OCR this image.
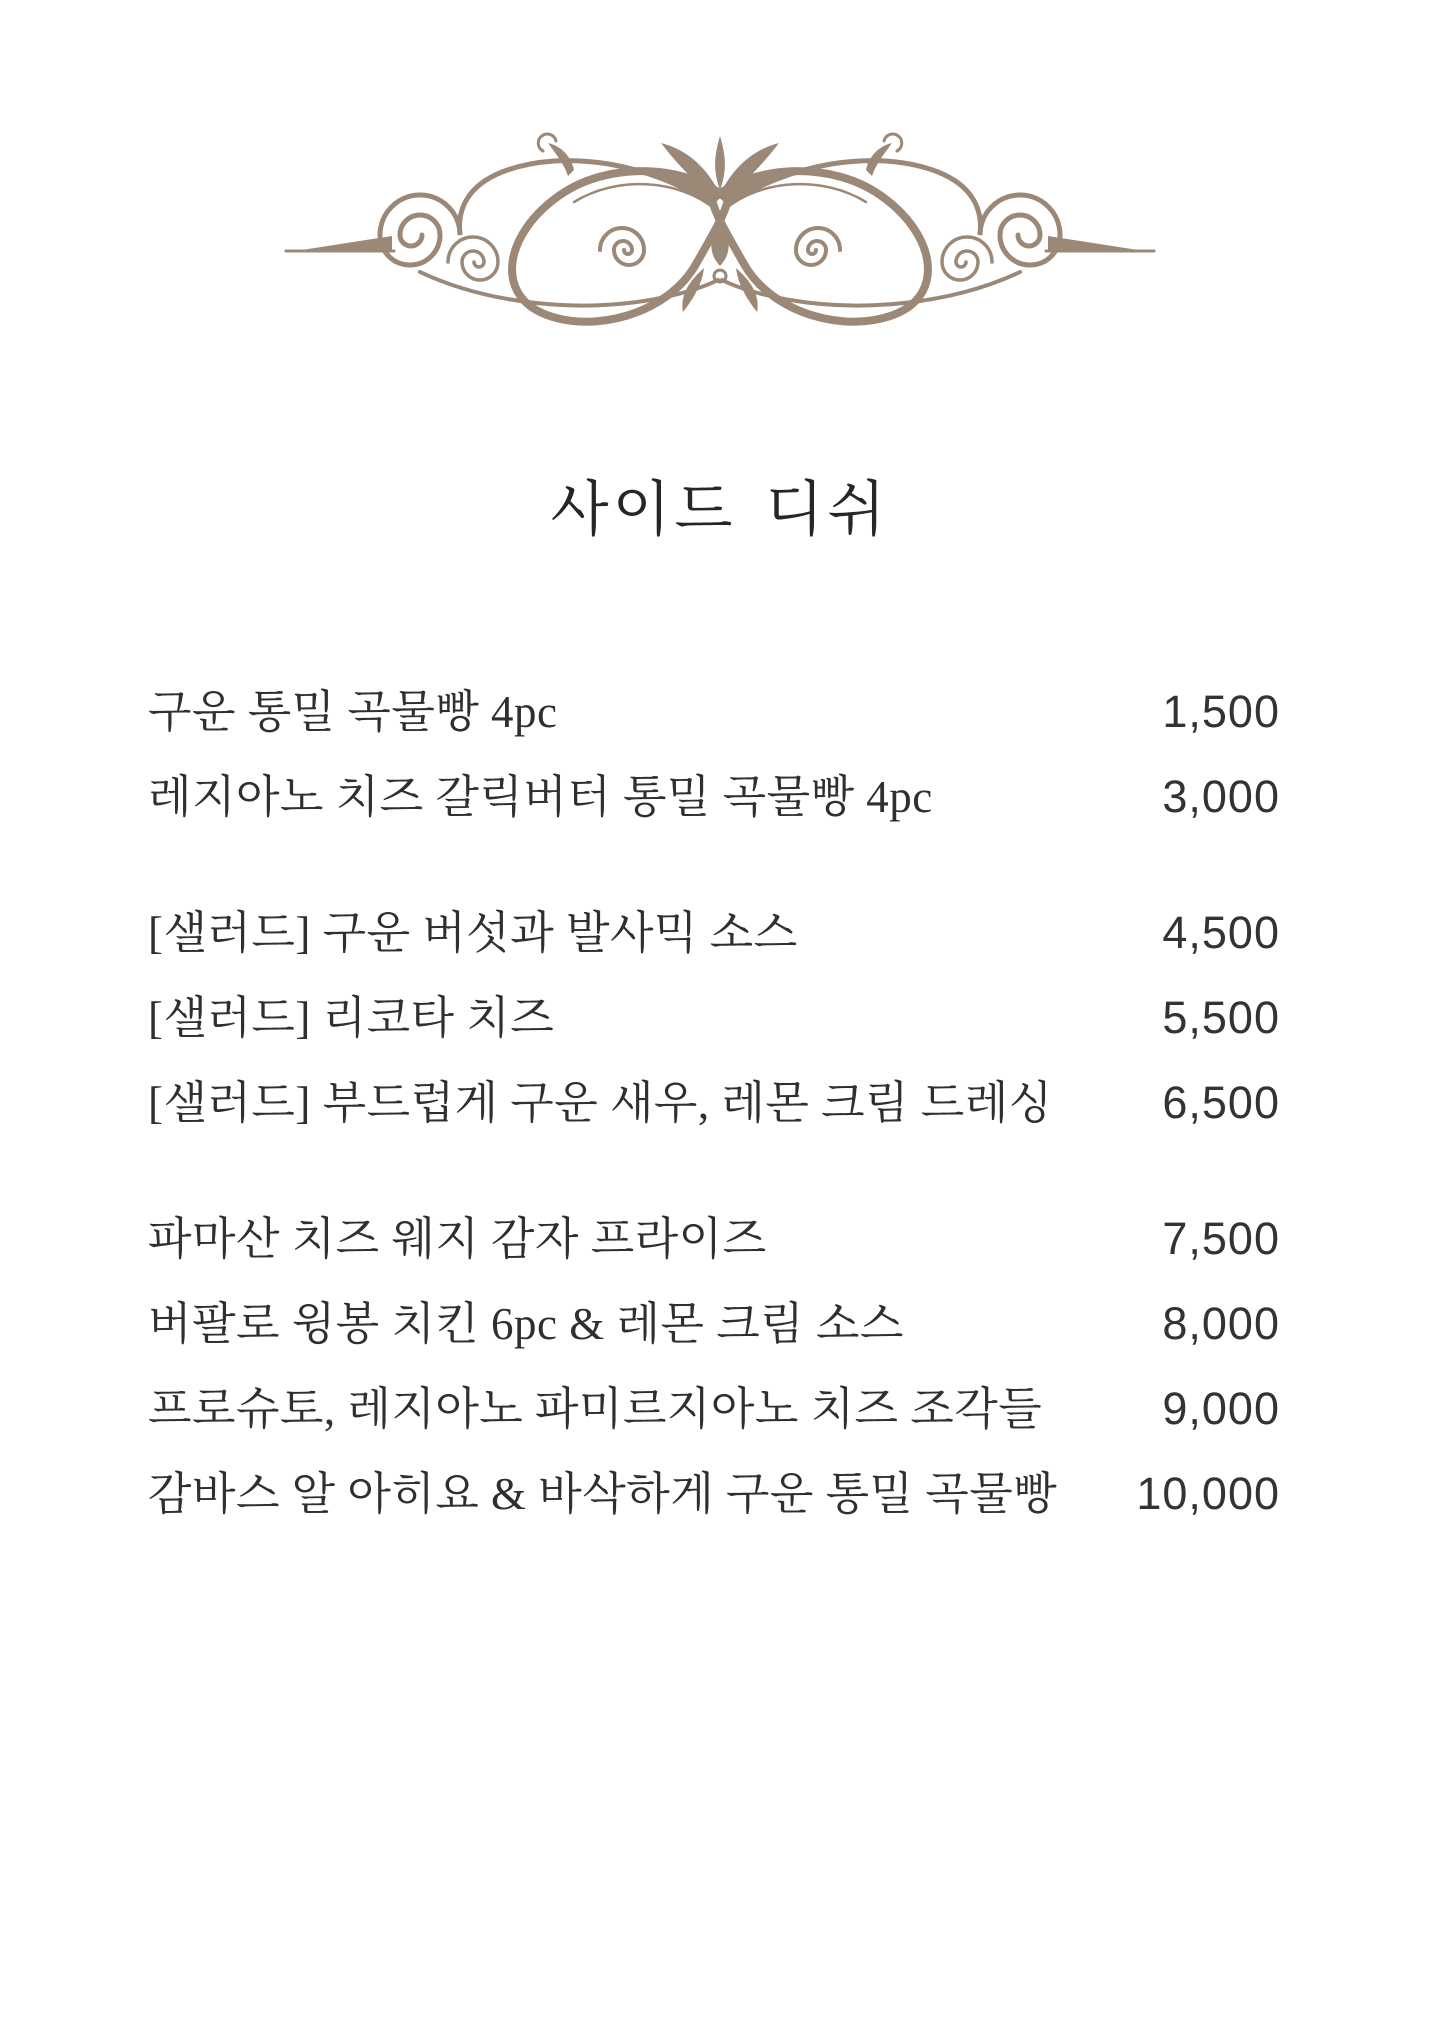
사이드 디쉬
구운 통밀 곡물빵 4pc	1,500
레지아노 치즈 갈릭버터 통밀 곡물빵 4pc	3,000
[샐러드] 구운 버섯과 발사믹 소스	4,500
[샐러드] 리코타 치즈	5,500
[샐러드] 부드럽게 구운 새우, 레몬 크림 드레싱 6,500
파마산 치즈 웨지 감자 프라이즈	7,500
버팔로 윙봉 치킨 6pc & 레몬 크림 소스	8,000
프로슈토, 레지아노 파미르지아노 치즈 조각들	9,000
감바스 알 아히요 & 바삭하게 구운 통밀 곡물빵 10,000
